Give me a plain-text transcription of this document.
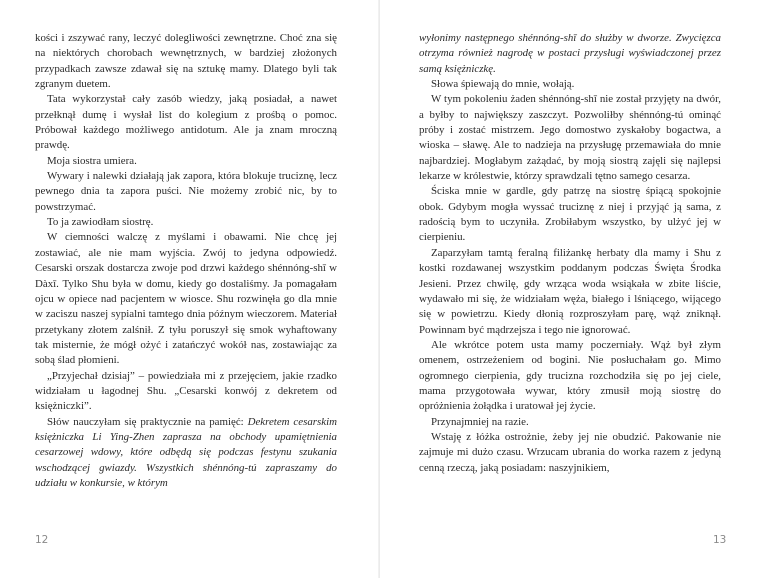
kości i zszywać rany, leczyć dolegliwości zewnętrzne. Choć zna się na niektórych chorobach wewnętrznych, w bardziej złożonych przypadkach zawsze zdawał się na sztukę mamy. Dlatego byli tak zgranym duetem.

Tata wykorzystał cały zasób wiedzy, jaką posiadał, a nawet przełknął dumę i wysłał list do kolegium z prośbą o pomoc. Próbował każdego możliwego antidotum. Ale ja znam mroczną prawdę.

Moja siostra umiera.

Wywary i nalewki działają jak zapora, która blokuje truciznę, lecz pewnego dnia ta zapora puści. Nie możemy zrobić nic, by to powstrzymać.

To ja zawiodłam siostrę.

W ciemności walczę z myślami i obawami. Nie chcę jej zostawiać, ale nie mam wyjścia. Zwój to jedyna odpowiedź. Cesarski orszak dostarcza zwoje pod drzwi każdego shénnóng-shī w Dàxī. Tylko Shu była w domu, kiedy go dostaliśmy. Ja pomagałam ojcu w opiece nad pacjentem w wiosce. Shu rozwinęła go dla mnie w zaciszu naszej sypialni tamtego dnia późnym wieczorem. Materiał przetykany złotem zalśnił. Z tyłu poruszył się smok wyhaftowany tak misternie, że mógł ożyć i zatańczyć wokół nas, zostawiając za sobą ślad płomieni.

„Przyjechał dzisiaj” – powiedziała mi z przejęciem, jakie rzadko widziałam u łagodnej Shu. „Cesarski konwój z dekretem od księżniczki”.

Słów nauczyłam się praktycznie na pamięć: Dekretem cesarskim księżniczka Li Ying-Zhen zaprasza na obchody upamiętnienia cesarzowej wdowy, które odbędą się podczas festynu szukania wschodzącej gwiazdy. Wszystkich shénnóng-tú zapraszamy do udziału w konkursie, w którym

12

wyłonimy następnego shénnóng-shī do służby w dworze. Zwycięzca otrzyma również nagrodę w postaci przysługi wyświadczonej przez samą księżniczkę.

Słowa śpiewają do mnie, wołają.

W tym pokoleniu żaden shénnóng-shī nie został przyjęty na dwór, a byłby to największy zaszczyt. Pozwoliłby shénnóng-tú ominąć próby i zostać mistrzem. Jego domostwo zyskałoby bogactwa, a wioska – sławę. Ale to nadzieja na przysługę przemawiała do mnie najbardziej. Mogłabym zażądać, by moją siostrą zajęli się najlepsi lekarze w królestwie, którzy sprawdzali tętno samego cesarza.

Ściska mnie w gardle, gdy patrzę na siostrę śpiącą spokojnie obok. Gdybym mogła wyssać truciznę z niej i przyjąć ją sama, z radością bym to uczyniła. Zrobiłabym wszystko, by ulżyć jej w cierpieniu.

Zaparzyłam tamtą feralną filiżankę herbaty dla mamy i Shu z kostki rozdawanej wszystkim poddanym podczas Święta Środka Jesieni. Przez chwilę, gdy wrząca woda wsiąkała w zbite liście, wydawało mi się, że widziałam węża, białego i lśniącego, wijącego się w powietrzu. Kiedy dłonią rozproszyłam parę, wąż zniknął. Powinnam być mądrzejsza i tego nie ignorować.

Ale wkrótce potem usta mamy poczerniały. Wąż był złym omenem, ostrzeżeniem od bogini. Nie posłuchałam go. Mimo ogromnego cierpienia, gdy trucizna rozchodziła się po jej ciele, mama przygotowała wywar, który zmusił moją siostrę do opróżnienia żołądka i uratował jej życie.

Przynajmniej na razie.

Wstaję z łóżka ostrożnie, żeby jej nie obudzić. Pakowanie nie zajmuje mi dużo czasu. Wrzucam ubrania do worka razem z jedyną cenną rzeczą, jaką posiadam: naszyjnikiem,

13
